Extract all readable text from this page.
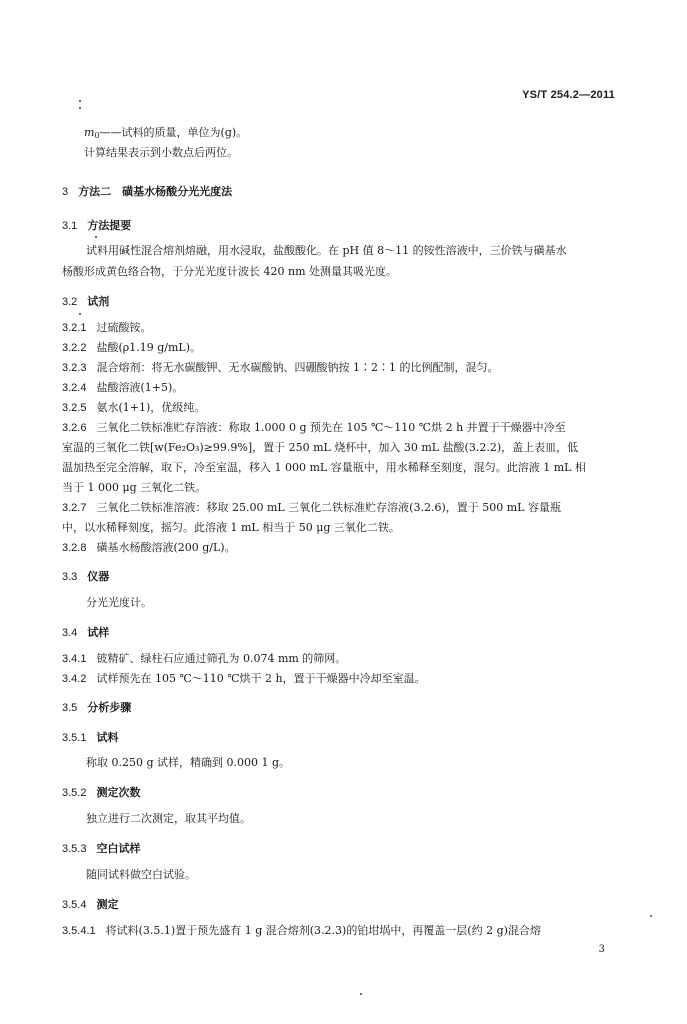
YS/T 254.2—2011
$m_0——$试料的质量，单位为(g)。
计算结果表示到小数点后两位。
3 方法二　磺基水杨酸分光光度法
3.1 方法提要
试料用碱性混合熔剂熔融，用水浸取，盐酸酸化。在 pH 值 8～11 的铵性溶液中，三价铁与磺基水
杨酸形成黄色络合物，于分光光度计波长 420 nm 处测量其吸光度。
3.2 试剂
3.2.1 过硫酸铵。
3.2.2 盐酸(ρ1.19 g/mL)。
3.2.3 混合熔剂：将无水碳酸钾、无水碳酸钠、四硼酸钠按 1∶2∶1 的比例配制，混匀。
3.2.4 盐酸溶液(1+5)。
3.2.5 氨水(1+1)，优级纯。
3.2.6 三氧化二铁标准贮存溶液：称取 1.000 0 g 预先在 105 ℃～110 ℃烘 2 h 并置于干燥器中冷至
室温的三氧化二铁[w(Fe₂O₃)≥99.9%]，置于 250 mL 烧杯中，加入 30 mL 盐酸(3.2.2)，盖上表皿，低
温加热至完全溶解，取下，冷至室温，移入 1 000 mL 容量瓶中，用水稀释至刻度，混匀。此溶液 1 mL 相
当于 1 000 μg 三氧化二铁。
3.2.7 三氧化二铁标准溶液：移取 25.00 mL 三氧化二铁标准贮存溶液(3.2.6)，置于 500 mL 容量瓶
中，以水稀释刻度，摇匀。此溶液 1 mL 相当于 50 μg 三氧化二铁。
3.2.8 磺基水杨酸溶液(200 g/L)。
3.3 仪器
分光光度计。
3.4 试样
3.4.1 铍精矿、绿柱石应通过筛孔为 0.074 mm 的筛网。
3.4.2 试样预先在 105 ℃～110 ℃烘干 2 h，置于干燥器中冷却至室温。
3.5 分析步骤
3.5.1 试料
称取 0.250 g 试样，精确到 0.000 1 g。
3.5.2 测定次数
独立进行二次测定，取其平均值。
3.5.3 空白试样
随同试料做空白试验。
3.5.4 测定
3.5.4.1 将试料(3.5.1)置于预先盛有 1 g 混合熔剂(3.2.3)的铂坩埚中，再覆盖一层(约 2 g)混合熔
3
